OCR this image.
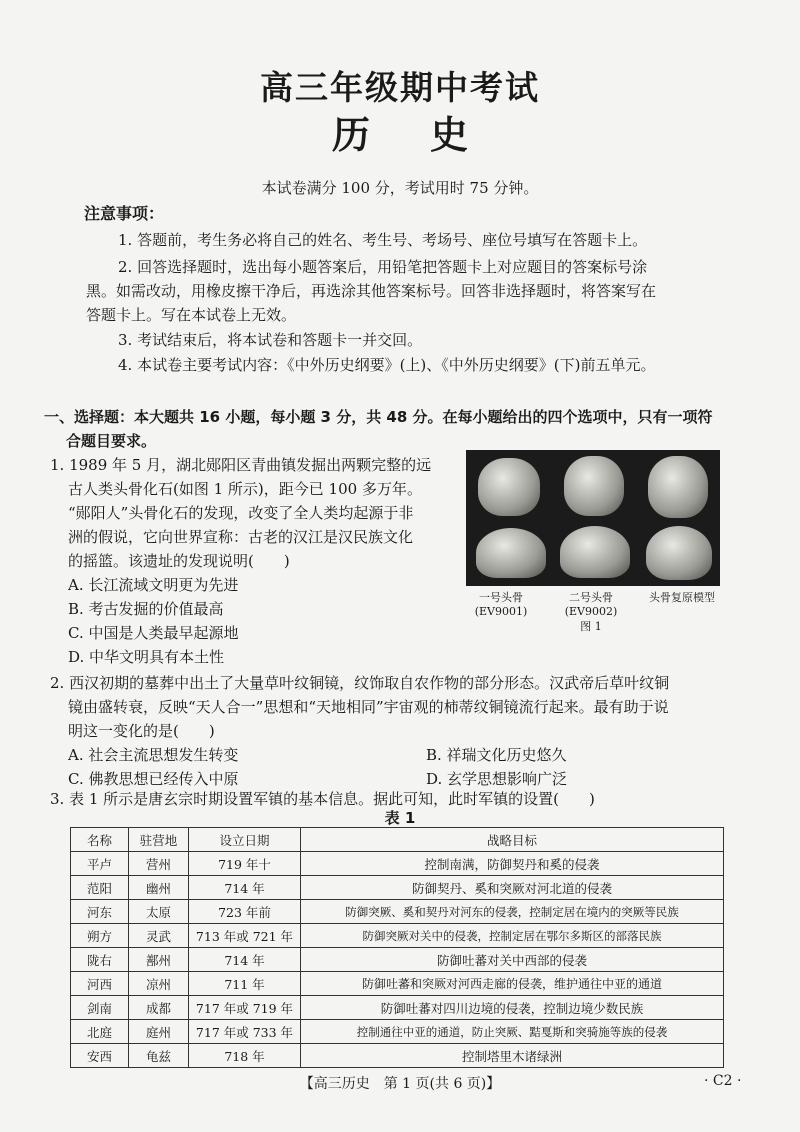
高三年级期中考试
历史
本试卷满分 100 分，考试用时 75 分钟。
注意事项：
1. 答题前，考生务必将自己的姓名、考生号、考场号、座位号填写在答题卡上。
2. 回答选择题时，选出每小题答案后，用铅笔把答题卡上对应题目的答案标号涂
黑。如需改动，用橡皮擦干净后，再选涂其他答案标号。回答非选择题时，将答案写在
答题卡上。写在本试卷上无效。
3. 考试结束后，将本试卷和答题卡一并交回。
4. 本试卷主要考试内容：《中外历史纲要》(上)、《中外历史纲要》(下)前五单元。
一、选择题：本大题共 16 小题，每小题 3 分，共 48 分。在每小题给出的四个选项中，只有一项符
合题目要求。
1. 1989 年 5 月，湖北郧阳区青曲镇发掘出两颗完整的远
古人类头骨化石(如图 1 所示)，距今已 100 多万年。
“郧阳人”头骨化石的发现，改变了全人类均起源于非
洲的假说，它向世界宣称：古老的汉江是汉民族文化
的摇篮。该遗址的发现说明(　　)
A. 长江流域文明更为先进
B. 考古发掘的价值最高
C. 中国是人类最早起源地
D. 中华文明具有本土性
一号头骨
(EV9001)
二号头骨
(EV9002)
头骨复原模型
图 1
2. 西汉初期的墓葬中出土了大量草叶纹铜镜，纹饰取自农作物的部分形态。汉武帝后草叶纹铜
镜由盛转衰，反映“天人合一”思想和“天地相同”宇宙观的柿蒂纹铜镜流行起来。最有助于说
明这一变化的是(　　)
A. 社会主流思想发生转变	B. 祥瑞文化历史悠久
C. 佛教思想已经传入中原	D. 玄学思想影响广泛
3. 表 1 所示是唐玄宗时期设置军镇的基本信息。据此可知，此时军镇的设置(　　)
表 1
名称	驻营地	设立日期	战略目标
平卢	营州	719 年十	控制南满，防御契丹和奚的侵袭
范阳	幽州	714 年	防御契丹、奚和突厥对河北道的侵袭
河东	太原	723 年前	防御突厥、奚和契丹对河东的侵袭，控制定居在境内的突厥等民族
朔方	灵武	713 年或 721 年	防御突厥对关中的侵袭，控制定居在鄂尔多斯区的部落民族
陇右	鄯州	714 年	防御吐蕃对关中西部的侵袭
河西	凉州	711 年	防御吐蕃和突厥对河西走廊的侵袭，维护通往中亚的通道
剑南	成都	717 年或 719 年	防御吐蕃对四川边境的侵袭，控制边境少数民族
北庭	庭州	717 年或 733 年	控制通往中亚的通道，防止突厥、黠戛斯和突骑施等族的侵袭
安西	龟兹	718 年	控制塔里木诸绿洲
【高三历史　第 1 页(共 6 页)】	· C2 ·
